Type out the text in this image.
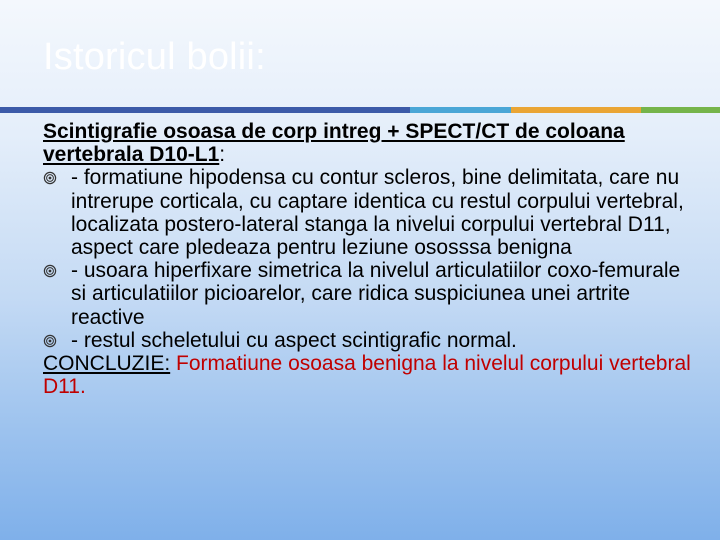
Istoricul bolii:
Scintigrafie osoasa de corp intreg + SPECT/CT de coloana vertebrala D10-L1:
- formatiune hipodensa cu contur scleros, bine delimitata, care nu intrerupe corticala, cu captare identica cu restul corpului vertebral, localizata postero-lateral stanga la nivelui corpului vertebral D11, aspect care pledeaza pentru leziune ososssa benigna
- usoara hiperfixare simetrica la nivelul articulatiilor coxo-femurale si articulatiilor picioarelor, care ridica suspiciunea unei artrite reactive
- restul scheletului cu aspect scintigrafic normal.
CONCLUZIE: Formatiune osoasa benigna la nivelul corpului vertebral D11.
